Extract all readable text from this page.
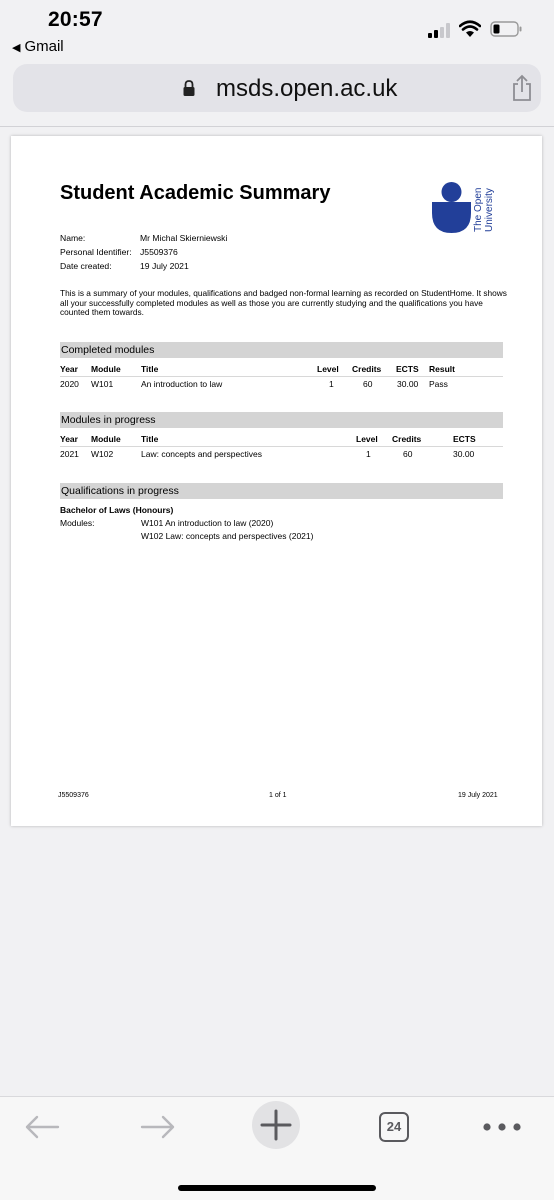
20:57
◀ Gmail
msds.open.ac.uk
Student Academic Summary	The Open University
Name:	Mr Michal Skierniewski
Personal Identifier: J5509376
Date created:	19 July 2021
This is a summary of your modules, qualifications and badged non-formal learning as recorded on StudentHome. It shows all your successfully completed modules as well as those you are currently studying and the qualifications you have counted them towards.
Completed modules
Year Module Title	Level Credits ECTS Result
2020 W101	An introduction to law	1	60	30.00 Pass
Modules in progress
Year Module Title	Level Credits	ECTS
2021 W102	Law: concepts and perspectives	1	60	30.00
Qualifications in progress
Bachelor of Laws (Honours)
Modules:	W101 An introduction to law (2020)
W102 Law: concepts and perspectives (2021)
J5509376	1 of 1	19 July 2021
24
